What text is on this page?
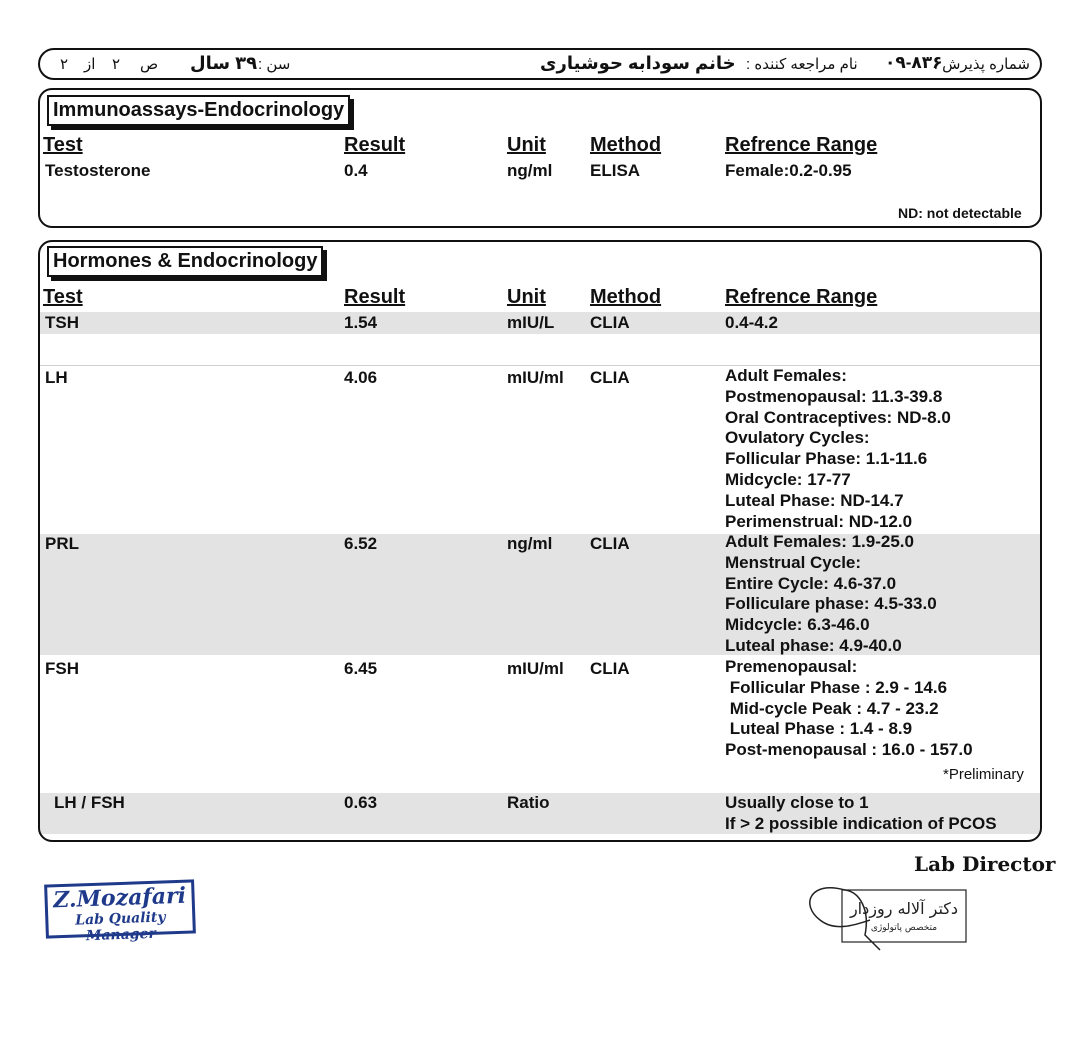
شماره پذیرش :
۰۹-۸۳۶
نام مراجعه کننده :
خانم سودابه حوشیاری
سن :
۳۹ سال
ص
۲
از
۲
Immunoassays-Endocrinology
Test	Result	Unit Method	Refrence Range
Testosterone	0.4	ng/ml ELISA	Female:0.2-0.95
ND: not detectable
Hormones & Endocrinology
Test	Result	Unit Method	Refrence Range
TSH	1.54	mIU/L CLIA	0.4-4.2
LH	4.06	mIU/ml CLIA	Adult Females:
Postmenopausal: 11.3-39.8
Oral Contraceptives: ND-8.0
Ovulatory Cycles:
Follicular Phase: 1.1-11.6
Midcycle: 17-77
Luteal Phase: ND-14.7
Perimenstrual: ND-12.0
PRL	6.52	ng/ml CLIA	Adult Females: 1.9-25.0
Menstrual Cycle:
Entire Cycle: 4.6-37.0
Folliculare phase: 4.5-33.0
Midcycle: 6.3-46.0
Luteal phase: 4.9-40.0
FSH	6.45	mIU/ml CLIA	Premenopausal:
Follicular Phase : 2.9 - 14.6
Mid-cycle Peak : 4.7 - 23.2
Luteal Phase : 1.4 - 8.9
Post-menopausal : 16.0 - 157.0
*Preliminary
LH / FSH	0.63	Ratio	Usually close to 1
If > 2 possible indication of PCOS
Lab Director
Z.Mozafari
Lab Quality Manager
دکتر آلاله روزدار
متخصص پاتولوژی
